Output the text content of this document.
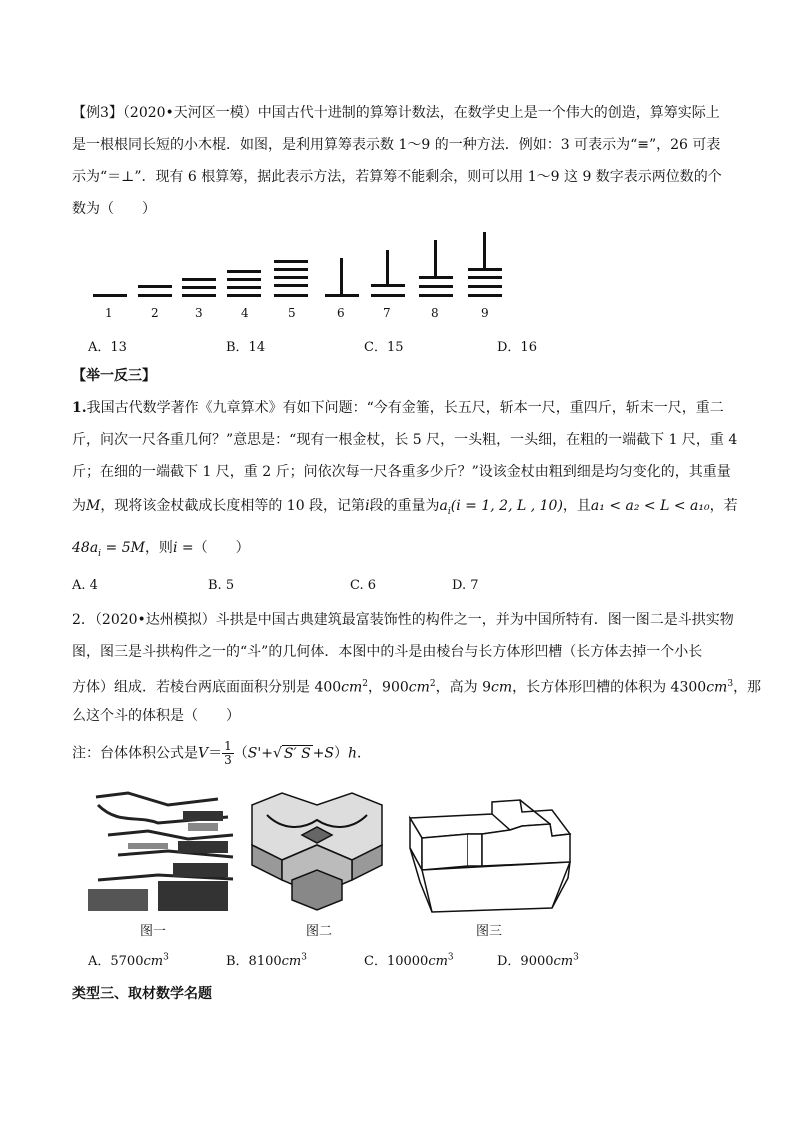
【例3】（2020•天河区一模）中国古代十进制的算筹计数法，在数学史上是一个伟大的创造，算筹实际上
是一根根同长短的小木棍．如图，是利用算筹表示数 1～9 的一种方法．例如：3 可表示为“≡”，26 可表
示为“＝⊥”．现有 6 根算筹，据此表示方法，若算筹不能剩余，则可以用 1～9 这 9 数字表示两位数的个
数为（　　）
1	2	3	4	5	6	7	8	9
A．13	B．14	C．15	D．16
【举一反三】
1.我国古代数学著作《九章算术》有如下问题：“今有金箠，长五尺，斩本一尺，重四斤，斩末一尺，重二
斤，问次一尺各重几何？”意思是：“现有一根金杖，长 5 尺，一头粗，一头细，在粗的一端截下 1 尺，重 4
斤；在细的一端截下 1 尺，重 2 斤；问依次每一尺各重多少斤？”设该金杖由粗到细是均匀变化的，其重量
为M，现将该金杖截成长度相等的 10 段，记第i段的重量为$a_i(i = 1$, 2, L , 10)，且a₁ < a₂ < L < a₁₀，若
$48a_i = 5M$，则i =（　　）
A. 4	B. 5	C. 6	D. 7
2．（2020•达州模拟）斗拱是中国古典建筑最富装饰性的构件之一，并为中国所特有．图一图二是斗拱实物
图，图三是斗拱构件之一的“斗”的几何体．本图中的斗是由棱台与长方体形凹槽（长方体去掉一个小长
方体）组成．若棱台两底面面积分别是 $400cm^2$，$900cm^2$，高为 9cm，长方体形凹槽的体积为 $4300cm^3$，那
么这个斗的体积是（　　）
注：台体体积公式是$V= \frac{1}{3} (S'+√$ S′ S +S）h．
图一	图二	图三
A．$5700cm^3$	B．$8100cm^3$	C．$10000cm^3$	D．$9000cm^3$
类型三、取材数学名题
